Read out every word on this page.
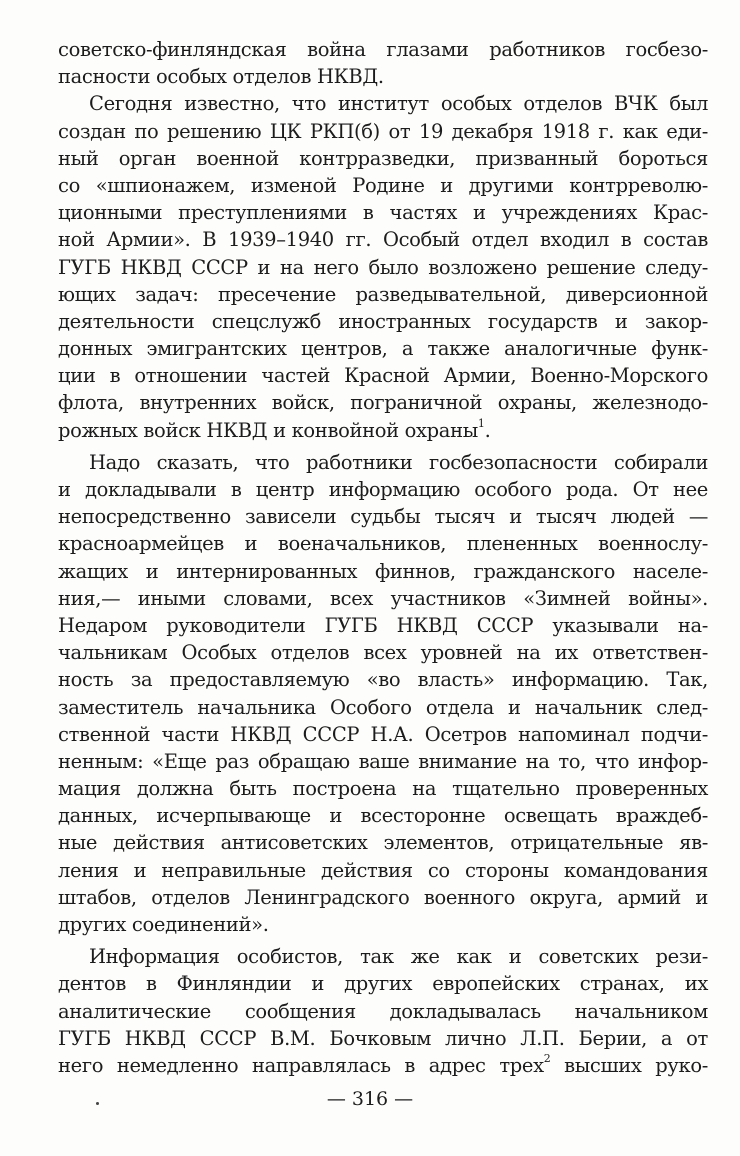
советско-финляндская война глазами работников госбезо-
пасности особых отделов НКВД.
Сегодня известно, что институт особых отделов ВЧК был
создан по решению ЦК РКП(б) от 19 декабря 1918 г. как еди-
ный орган военной контрразведки, призванный бороться
со «шпионажем, изменой Родине и другими контрреволю-
ционными преступлениями в частях и учреждениях Крас-
ной Армии». В 1939–1940 гг. Особый отдел входил в состав
ГУГБ НКВД СССР и на него было возложено решение следу-
ющих задач: пресечение разведывательной, диверсионной
деятельности спецслужб иностранных государств и закор-
донных эмигрантских центров, а также аналогичные функ-
ции в отношении частей Красной Армии, Военно-Морского
флота, внутренних войск, пограничной охраны, железнодо-
рожных войск НКВД и конвойной охраны$^1$.
Надо сказать, что работники госбезопасности собирали
и докладывали в центр информацию особого рода. От нее
непосредственно зависели судьбы тысяч и тысяч людей —
красноармейцев и военачальников, плененных военнослу-
жащих и интернированных финнов, гражданского населе-
ния,— иными словами, всех участников «Зимней войны».
Недаром руководители ГУГБ НКВД СССР указывали на-
чальникам Особых отделов всех уровней на их ответствен-
ность за предоставляемую «во власть» информацию. Так,
заместитель начальника Особого отдела и начальник след-
ственной части НКВД СССР Н.А. Осетров напоминал подчи-
ненным: «Еще раз обращаю ваше внимание на то, что инфор-
мация должна быть построена на тщательно проверенных
данных, исчерпывающе и всесторонне освещать враждеб-
ные действия антисоветских элементов, отрицательные яв-
ления и неправильные действия со стороны командования
штабов, отделов Ленинградского военного округа, армий и
других соединений».
Информация особистов, так же как и советских рези-
дентов в Финляндии и других европейских странах, их
аналитические сообщения докладывалась начальником
ГУГБ НКВД СССР В.М. Бочковым лично Л.П. Берии, а от
него немедленно направлялась в адрес трех$^2$ высших руко-
— 316 —
